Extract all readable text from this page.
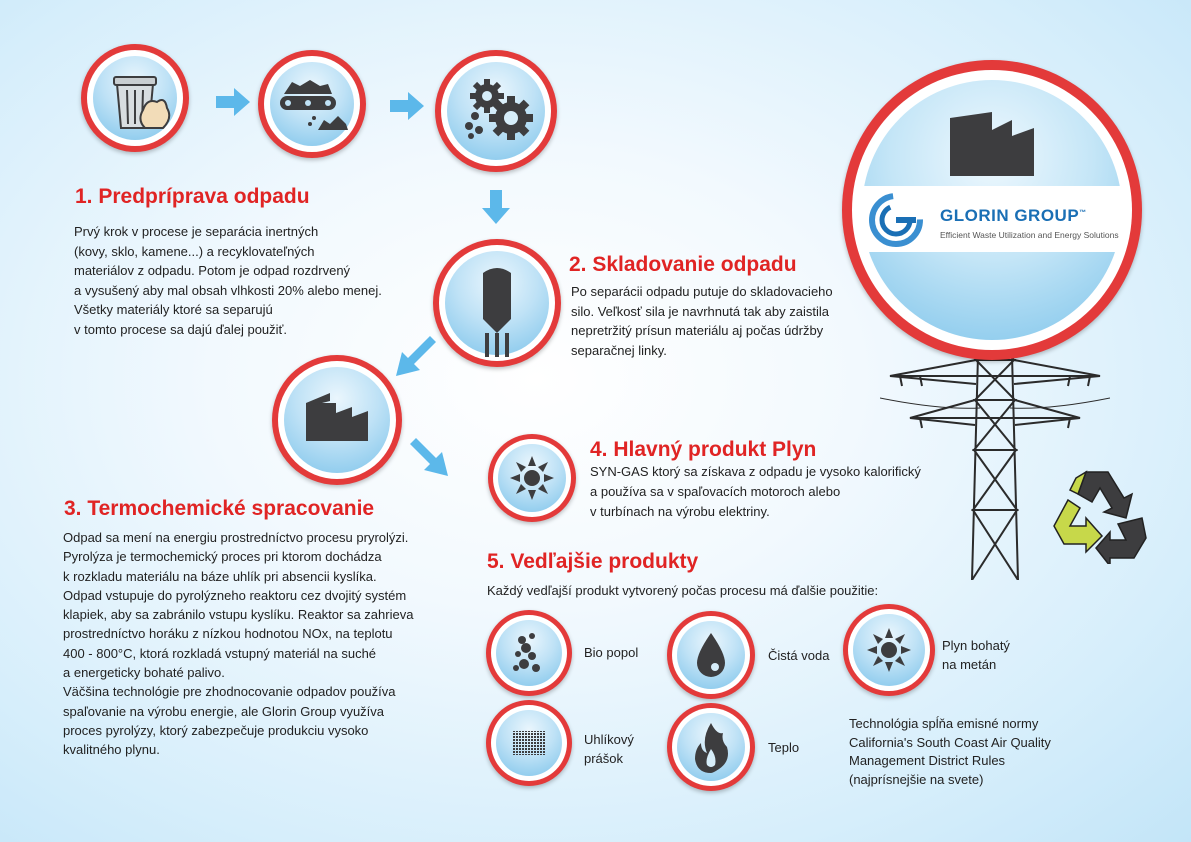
1. Predpríprava odpadu
Prvý krok v procese je separácia inertných
(kovy, sklo, kamene...) a recyklovateľných
materiálov z odpadu. Potom je odpad rozdrvený
a vysušený aby mal obsah vlhkosti 20% alebo menej.
Všetky materiály ktoré sa separujú
v tomto procese sa dajú ďalej použiť.
2. Skladovanie odpadu
Po separácii odpadu putuje do skladovacieho
silo. Veľkosť sila je navrhnutá tak aby zaistila
nepretržitý prísun materiálu aj počas údržby
separačnej linky.
3. Termochemické spracovanie
Odpad sa mení na energiu prostredníctvo procesu pryrolýzi.
Pyrolýza je termochemický proces pri ktorom dochádza
k rozkladu materiálu na báze uhlík pri absencii kyslíka.
Odpad vstupuje do pyrolýzneho reaktoru cez dvojitý systém
klapiek, aby sa zabránilo vstupu kyslíku. Reaktor sa zahrieva
prostredníctvo horáku z nízkou hodnotou NOx, na teplotu
400 - 800°C, ktorá rozkladá vstupný materiál na suché
a energeticky bohaté palivo.
Väčšina technológie pre zhodnocovanie odpadov používa
spaľovanie na výrobu energie, ale Glorin Group využíva
proces pyrolýzy, ktorý zabezpečuje produkciu vysoko
kvalitného plynu.
4. Hlavný produkt Plyn
SYN-GAS ktorý sa získava z odpadu je vysoko kalorifický
a používa sa v spaľovacích motoroch alebo
v turbínach na výrobu elektriny.
5. Vedľajšie produkty
Každý vedľajší produkt vytvorený počas procesu má ďalšie použitie:
Bio popol	Čistá voda
Plyn bohatý
na metán
Uhlíkový
prášok
Teplo
Technológia spĺňa emisné normy
California's South Coast Air Quality
Management District Rules
(najprísnejšie na svete)
GLORIN GROUP™
Efficient Waste Utilization and Energy Solutions
